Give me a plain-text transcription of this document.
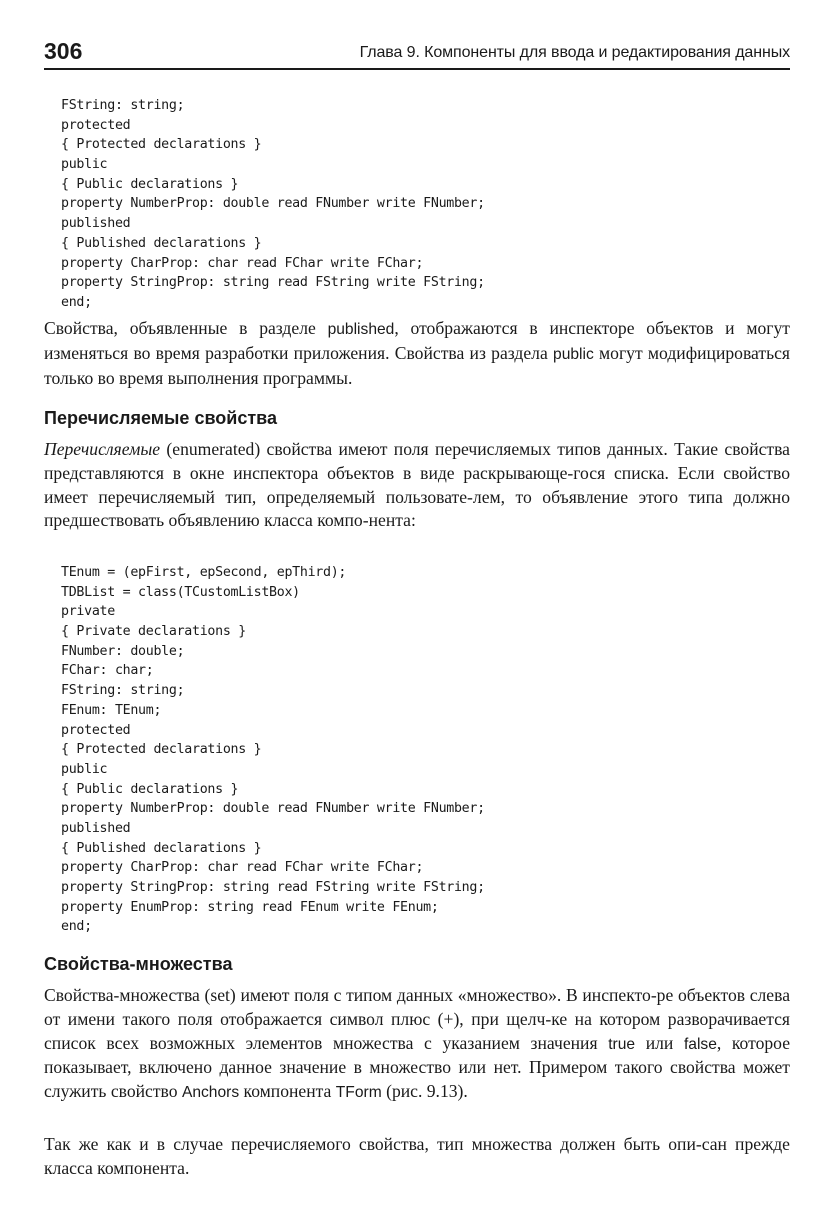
306	Глава 9. Компоненты для ввода и редактирования данных
FString: string;
protected
{ Protected declarations }
public
{ Public declarations }
property NumberProp: double read FNumber write FNumber;
published
{ Published declarations }
property CharProp: char read FChar write FChar;
property StringProp: string read FString write FString;
end;

Свойства, объявленные в разделе published, отображаются в инспекторе объектов и могут изменяться во время разработки приложения. Свойства из раздела public могут модифицироваться только во время выполнения программы.

Перечисляемые свойства

Перечисляемые (enumerated) свойства имеют поля перечисляемых типов данных. Такие свойства представляются в окне инспектора объектов в виде раскрывающе-гося списка. Если свойство имеет перечисляемый тип, определяемый пользовате-лем, то объявление этого типа должно предшествовать объявлению класса компо-нента:

TEnum = (epFirst, epSecond, epThird);
TDBList = class(TCustomListBox)
private
{ Private declarations }
FNumber: double;
FChar: char;
FString: string;
FEnum: TEnum;
protected
{ Protected declarations }
public
{ Public declarations }
property NumberProp: double read FNumber write FNumber;
published
{ Published declarations }
property CharProp: char read FChar write FChar;
property StringProp: string read FString write FString;
property EnumProp: string read FEnum write FEnum;
end;
Свойства-множества

Свойства-множества (set) имеют поля с типом данных «множество». В инспекто-ре объектов слева от имени такого поля отображается символ плюс (+), при щелч-ке на котором разворачивается список всех возможных элементов множества с указанием значения true или false, которое показывает, включено данное значение в множество или нет. Примером такого свойства может служить свойство Anchors компонента TForm (рис. 9.13).

Так же как и в случае перечисляемого свойства, тип множества должен быть опи-сан прежде класса компонента.
